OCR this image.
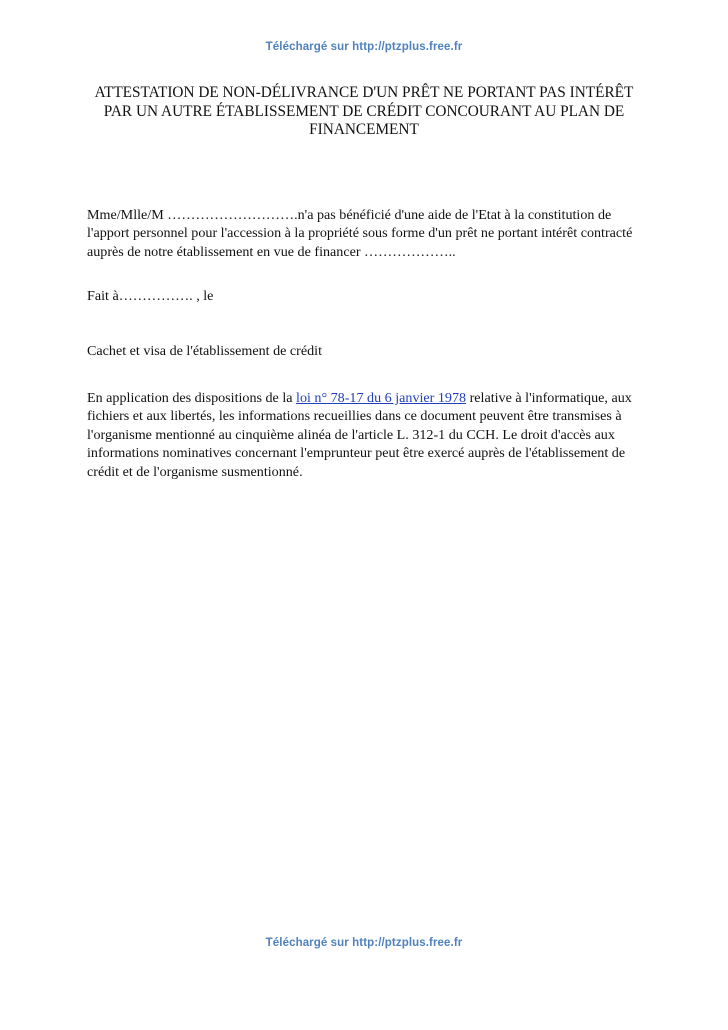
Téléchargé sur http://ptzplus.free.fr
ATTESTATION DE NON-DÉLIVRANCE D'UN PRÊT NE PORTANT PAS INTÉRÊT PAR UN AUTRE ÉTABLISSEMENT DE CRÉDIT CONCOURANT AU PLAN DE FINANCEMENT

Mme/Mlle/M ……………………….n'a pas bénéficié d'une aide de l'Etat à la constitution de l'apport personnel pour l'accession à la propriété sous forme d'un prêt ne portant intérêt contracté auprès de notre établissement en vue de financer ………………..

Fait à……………. , le

Cachet et visa de l'établissement de crédit

En application des dispositions de la loi n° 78-17 du 6 janvier 1978 relative à l'informatique, aux fichiers et aux libertés, les informations recueillies dans ce document peuvent être transmises à l'organisme mentionné au cinquième alinéa de l'article L. 312-1 du CCH. Le droit d'accès aux informations nominatives concernant l'emprunteur peut être exercé auprès de l'établissement de crédit et de l'organisme susmentionné.

Téléchargé sur http://ptzplus.free.fr
